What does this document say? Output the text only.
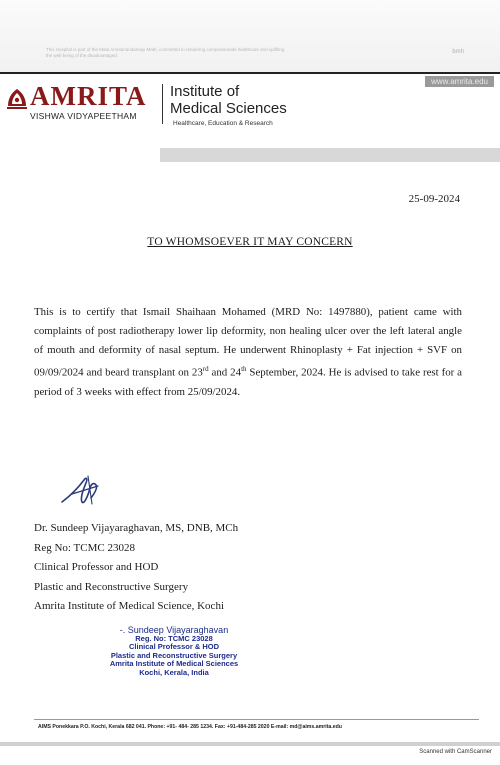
This Hospital is part of the Mata Amritanandamayi Math, committed to rendering compassionate healthcare and uplifting the well-being of the disadvantaged.
bmh
www.amrita.edu
AMRITA
VISHWA VIDYAPEETHAM
Institute of
Medical Sciences
Healthcare, Education & Research
25-09-2024
TO WHOMSOEVER IT MAY CONCERN
This is to certify that Ismail Shaihaan Mohamed (MRD No: 1497880), patient came with complaints of post radiotherapy lower lip deformity, non healing ulcer over the left lateral angle of mouth and deformity of nasal septum. He underwent Rhinoplasty + Fat injection + SVF on 09/09/2024 and beard transplant on 23rd and 24th September, 2024. He is advised to take rest for a period of 3 weeks with effect from 25/09/2024.
Dr. Sundeep Vijayaraghavan, MS, DNB, MCh
Reg No: TCMC 23028
Clinical Professor and HOD
Plastic and Reconstructive Surgery
Amrita Institute of Medical Science, Kochi
-. Sundeep Vijayaraghavan
Reg. No: TCMC 23028
Clinical Professor & HOD
Plastic and Reconstructive Surgery
Amrita Institute of Medical Sciences
Kochi, Kerala, India
AIMS Ponekkara P.O. Kochi, Kerala 682 041. Phone: +91- 484- 285 1234. Fax: +91-484-285 2020 E-mail: md@aims.amrita.edu
Scanned with CamScanner
